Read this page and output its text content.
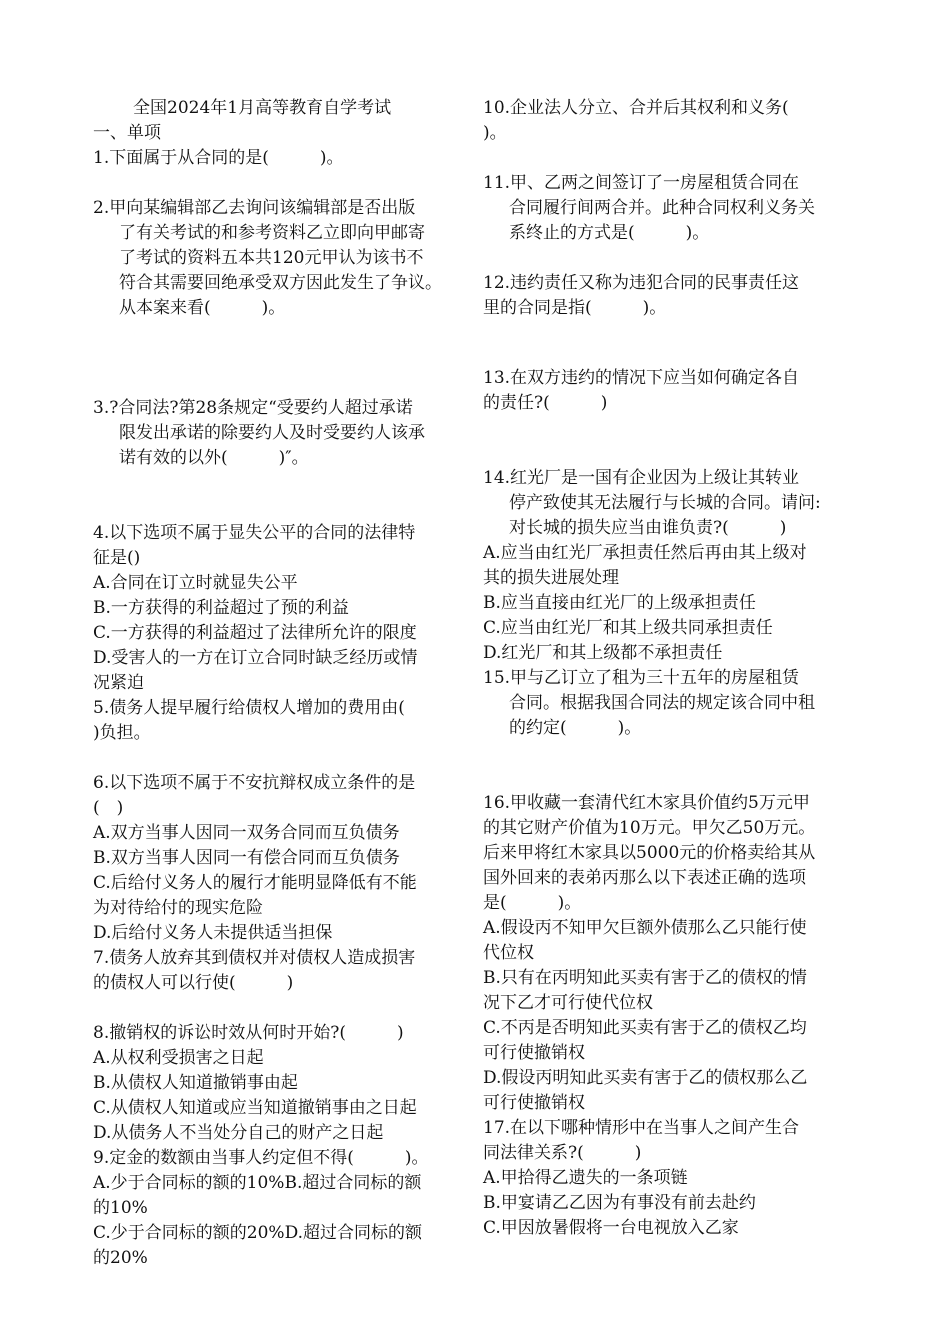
全国2024年1月高等教育自学考试
一、单项
1.下面属于从合同的是(　　　)。
2.甲向某编辑部乙去询问该编辑部是否出版
了有关考试的和参考资料乙立即向甲邮寄
了考试的资料五本共120元甲认为该书不
符合其需要回绝承受双方因此发生了争议。
从本案来看(　　　)。
3.?合同法?第28条规定“受要约人超过承诺
限发出承诺的除要约人及时受要约人该承
诺有效的以外(　　　)″。
4.以下选项不属于显失公平的合同的法律特
征是()
A.合同在订立时就显失公平
B.一方获得的利益超过了预的利益
C.一方获得的利益超过了法律所允许的限度
D.受害人的一方在订立合同时缺乏经历或情
况紧迫
5.债务人提早履行给债权人增加的费用由(
)负担。
6.以下选项不属于不安抗辩权成立条件的是
(　)
A.双方当事人因同一双务合同而互负债务
B.双方当事人因同一有偿合同而互负债务
C.后给付义务人的履行才能明显降低有不能
为对待给付的现实危险
D.后给付义务人未提供适当担保
7.债务人放弃其到债权并对债权人造成损害
的债权人可以行使(　　　)
8.撤销权的诉讼时效从何时开始?(　　　)
A.从权利受损害之日起
B.从债权人知道撤销事由起
C.从债权人知道或应当知道撤销事由之日起
D.从债务人不当处分自己的财产之日起
9.定金的数额由当事人约定但不得(　　　)。
A.少于合同标的额的10%B.超过合同标的额
的10%
C.少于合同标的额的20%D.超过合同标的额
的20%
10.企业法人分立、合并后其权利和义务(
)。
11.甲、乙两之间签订了一房屋租赁合同在
合同履行间两合并。此种合同权利义务关
系终止的方式是(　　　)。
12.违约责任又称为违犯合同的民事责任这
里的合同是指(　　　)。
13.在双方违约的情况下应当如何确定各自
的责任?(　　　)
14.红光厂是一国有企业因为上级让其转业
停产致使其无法履行与长城的合同。请问:
对长城的损失应当由谁负责?(　　　)
A.应当由红光厂承担责任然后再由其上级对
其的损失进展处理
B.应当直接由红光厂的上级承担责任
C.应当由红光厂和其上级共同承担责任
D.红光厂和其上级都不承担责任
15.甲与乙订立了租为三十五年的房屋租赁
合同。根据我国合同法的规定该合同中租
的约定(　　　)。
16.甲收藏一套清代红木家具价值约5万元甲
的其它财产价值为10万元。甲欠乙50万元。
后来甲将红木家具以5000元的价格卖给其从
国外回来的表弟丙那么以下表述正确的选项
是(　　　)。
A.假设丙不知甲欠巨额外债那么乙只能行使
代位权
B.只有在丙明知此买卖有害于乙的债权的情
况下乙才可行使代位权
C.不丙是否明知此买卖有害于乙的债权乙均
可行使撤销权
D.假设丙明知此买卖有害于乙的债权那么乙
可行使撤销权
17.在以下哪种情形中在当事人之间产生合
同法律关系?(　　　)
A.甲拾得乙遗失的一条项链
B.甲宴请乙乙因为有事没有前去赴约
C.甲因放暑假将一台电视放入乙家
